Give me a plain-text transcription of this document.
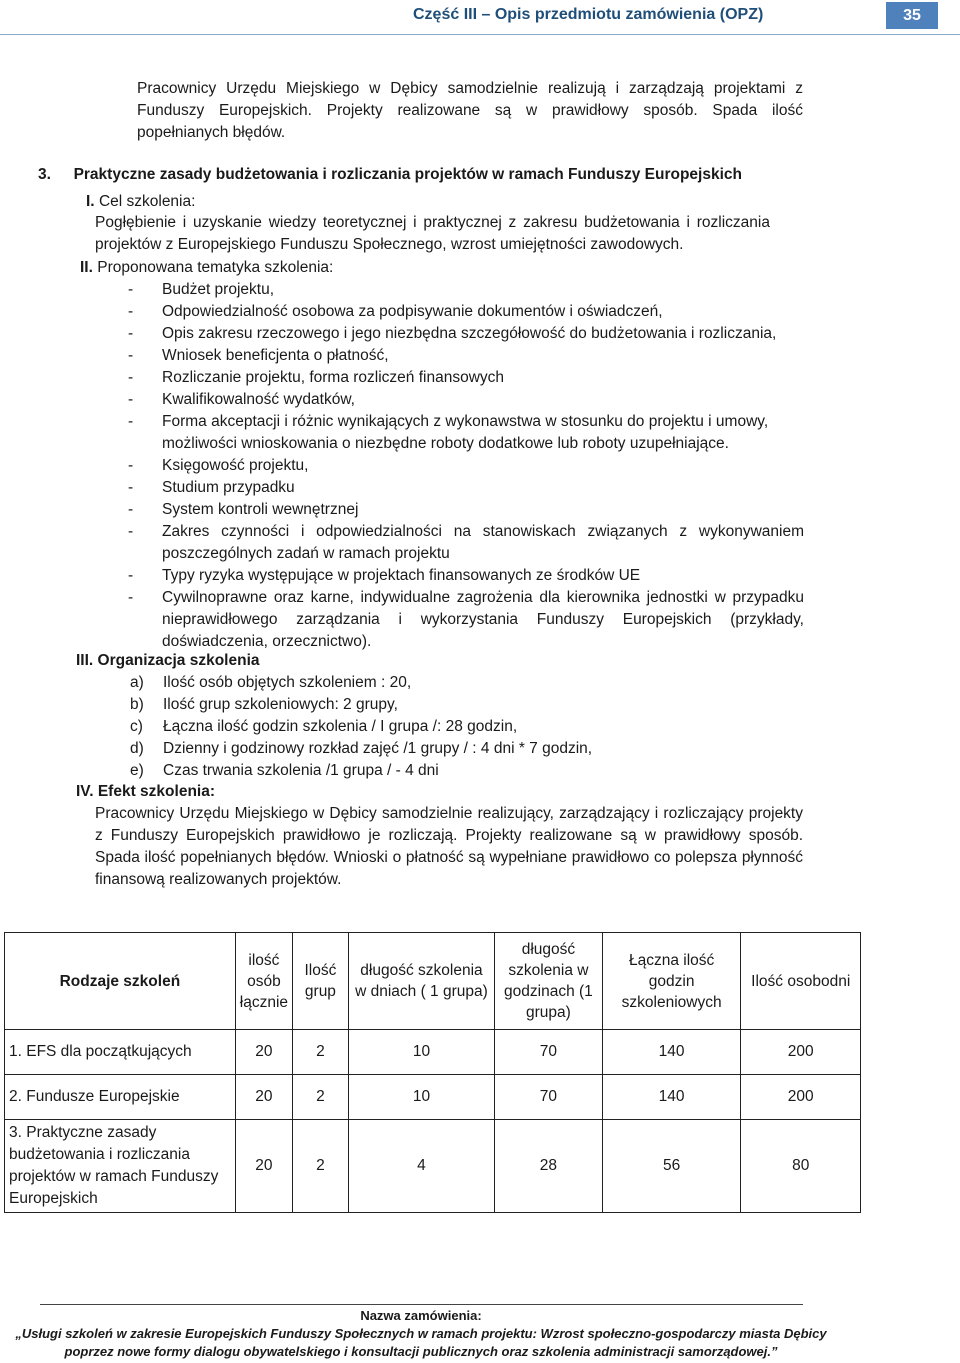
Część III – Opis przedmiotu zamówienia (OPZ)	35
Pracownicy Urzędu Miejskiego w Dębicy samodzielnie realizują i zarządzają projektami z Funduszy Europejskich. Projekty realizowane są w prawidłowy sposób. Spada ilość popełnianych błędów.
3. Praktyczne zasady budżetowania i rozliczania projektów w ramach Funduszy Europejskich
I. Cel szkolenia:
Pogłębienie i uzyskanie wiedzy teoretycznej i praktycznej z zakresu budżetowania i rozliczania projektów z Europejskiego Funduszu Społecznego, wzrost umiejętności zawodowych.
II. Proponowana tematyka szkolenia:
- Budżet projektu,
- Odpowiedzialność osobowa za podpisywanie dokumentów i oświadczeń,
- Opis zakresu rzeczowego i jego niezbędna szczegółowość do budżetowania i rozliczania,
- Wniosek beneficjenta o płatność,
- Rozliczanie projektu, forma rozliczeń finansowych
- Kwalifikowalność wydatków,
- Forma akceptacji i różnic wynikających z wykonawstwa w stosunku do projektu i umowy, możliwości wnioskowania o niezbędne roboty dodatkowe lub roboty uzupełniające.
- Księgowość projektu,
- Studium przypadku
- System kontroli wewnętrznej
- Zakres czynności i odpowiedzialności na stanowiskach związanych z wykonywaniem poszczególnych zadań w ramach projektu
- Typy ryzyka występujące w projektach finansowanych ze środków UE
- Cywilnoprawne oraz karne, indywidualne zagrożenia dla kierownika jednostki w przypadku nieprawidłowego zarządzania i wykorzystania Funduszy Europejskich (przykłady, doświadczenia, orzecznictwo).
III. Organizacja szkolenia
a) Ilość osób objętych szkoleniem : 20,
b) Ilość grup szkoleniowych: 2 grupy,
c) Łączna ilość godzin szkolenia / I grupa /: 28 godzin,
d) Dzienny i godzinowy rozkład zajęć /1 grupy / : 4 dni * 7 godzin,
e) Czas trwania szkolenia /1 grupa / - 4 dni
IV. Efekt szkolenia:
Pracownicy Urzędu Miejskiego w Dębicy samodzielnie realizujący, zarządzający i rozliczający projekty z Funduszy Europejskich prawidłowo je rozliczają. Projekty realizowane są w prawidłowy sposób. Spada ilość popełnianych błędów. Wnioski o płatność są wypełniane prawidłowo co polepsza płynność finansową realizowanych projektów.
Rodzaje szkoleń	ilość osób łącznie	Ilość grup	długość szkolenia w dniach ( 1 grupa)	długość szkolenia w godzinach (1 grupa)	Łączna ilość godzin szkoleniowych	Ilość osobodni
1. EFS dla początkujących	20	2	10	70	140	200
2. Fundusze Europejskie	20	2	10	70	140	200
3. Praktyczne zasady budżetowania i rozliczania projektów w ramach Funduszy Europejskich	20	2	4	28	56	80
Nazwa zamówienia:
„Usługi szkoleń w zakresie Europejskich Funduszy Społecznych w ramach projektu: Wzrost społeczno-gospodarczy miasta Dębicy poprzez nowe formy dialogu obywatelskiego i konsultacji publicznych oraz szkolenia administracji samorządowej.”
